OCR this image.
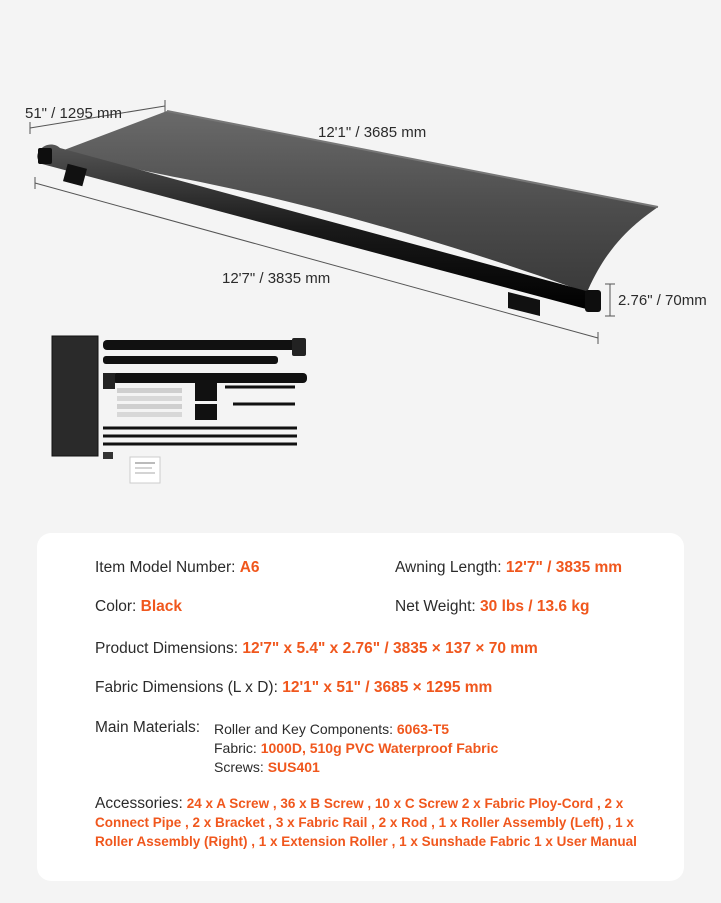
51" / 1295 mm
12'1" / 3685 mm
12'7" / 3835 mm
2.76" / 70mm
Item Model Number: A6	Awning Length: 12'7" / 3835 mm
Color: Black	Net Weight: 30 lbs / 13.6 kg
Product Dimensions: 12'7" x 5.4" x 2.76" / 3835 × 137 × 70 mm
Fabric Dimensions (L x D): 12'1" x 51" / 3685 × 1295 mm
Main Materials: Roller and Key Components: 6063-T5
Fabric: 1000D, 510g PVC Waterproof Fabric
Screws: SUS401
Accessories: 24 x A Screw , 36 x B Screw , 10 x C Screw 2 x Fabric Ploy-Cord , 2 x Connect Pipe , 2 x Bracket , 3 x Fabric Rail , 2 x Rod , 1 x Roller Assembly (Left) , 1 x Roller Assembly (Right) , 1 x Extension Roller , 1 x Sunshade Fabric 1 x User Manual
